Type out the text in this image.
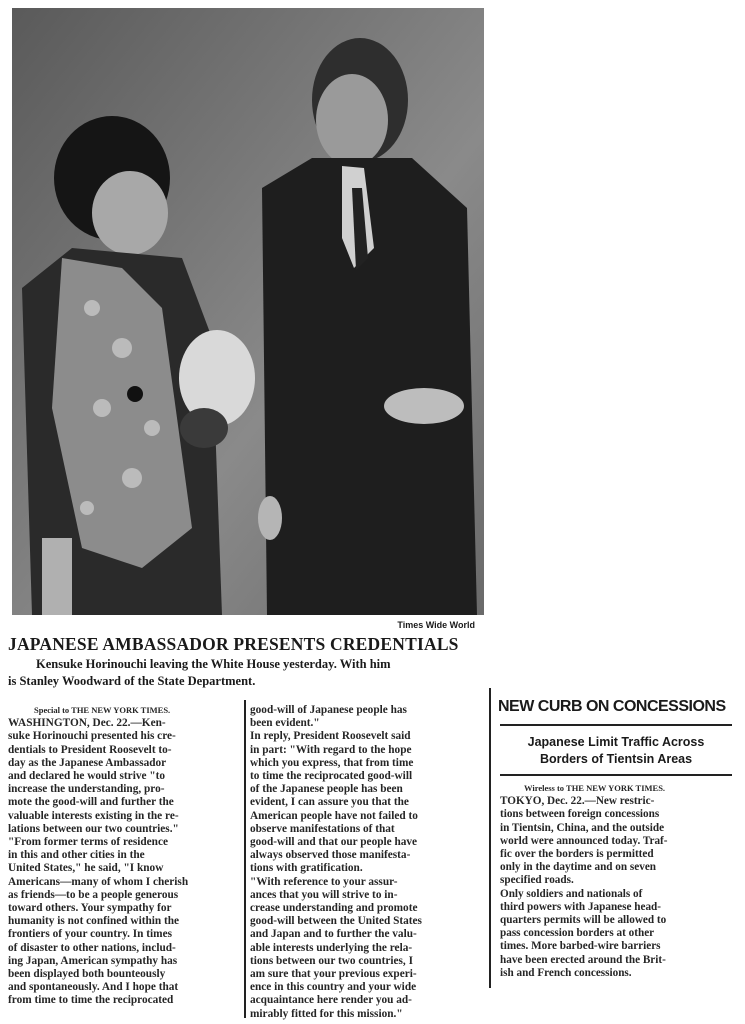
Times Wide World
JAPANESE AMBASSADOR PRESENTS CREDENTIALS
Kensuke Horinouchi leaving the White House yesterday. With him
is Stanley Woodward of the State Department.
Special to THE NEW YORK TIMES.
WASHINGTON, Dec. 22.—Ken-
suke Horinouchi presented his cre-
dentials to President Roosevelt to-
day as the Japanese Ambassador
and declared he would strive "to
increase the understanding, pro-
mote the good-will and further the
valuable interests existing in the re-
lations between our two countries."
"From former terms of residence
in this and other cities in the
United States," he said, "I know
Americans—many of whom I cherish
as friends—to be a people generous
toward others. Your sympathy for
humanity is not confined within the
frontiers of your country. In times
of disaster to other nations, includ-
ing Japan, American sympathy has
been displayed both bounteously
and spontaneously. And I hope that
from time to time the reciprocated
good-will of Japanese people has
been evident."
In reply, President Roosevelt said
in part: "With regard to the hope
which you express, that from time
to time the reciprocated good-will
of the Japanese people has been
evident, I can assure you that the
American people have not failed to
observe manifestations of that
good-will and that our people have
always observed those manifesta-
tions with gratification.
"With reference to your assur-
ances that you will strive to in-
crease understanding and promote
good-will between the United States
and Japan and to further the valu-
able interests underlying the rela-
tions between our two countries, I
am sure that your previous experi-
ence in this country and your wide
acquaintance here render you ad-
mirably fitted for this mission."
NEW CURB ON CONCESSIONS
Japanese Limit Traffic Across
Borders of Tientsin Areas
Wireless to THE NEW YORK TIMES.
TOKYO, Dec. 22.—New restric-
tions between foreign concessions
in Tientsin, China, and the outside
world were announced today. Traf-
fic over the borders is permitted
only in the daytime and on seven
specified roads.
Only soldiers and nationals of
third powers with Japanese head-
quarters permits will be allowed to
pass concession borders at other
times. More barbed-wire barriers
have been erected around the Brit-
ish and French concessions.
